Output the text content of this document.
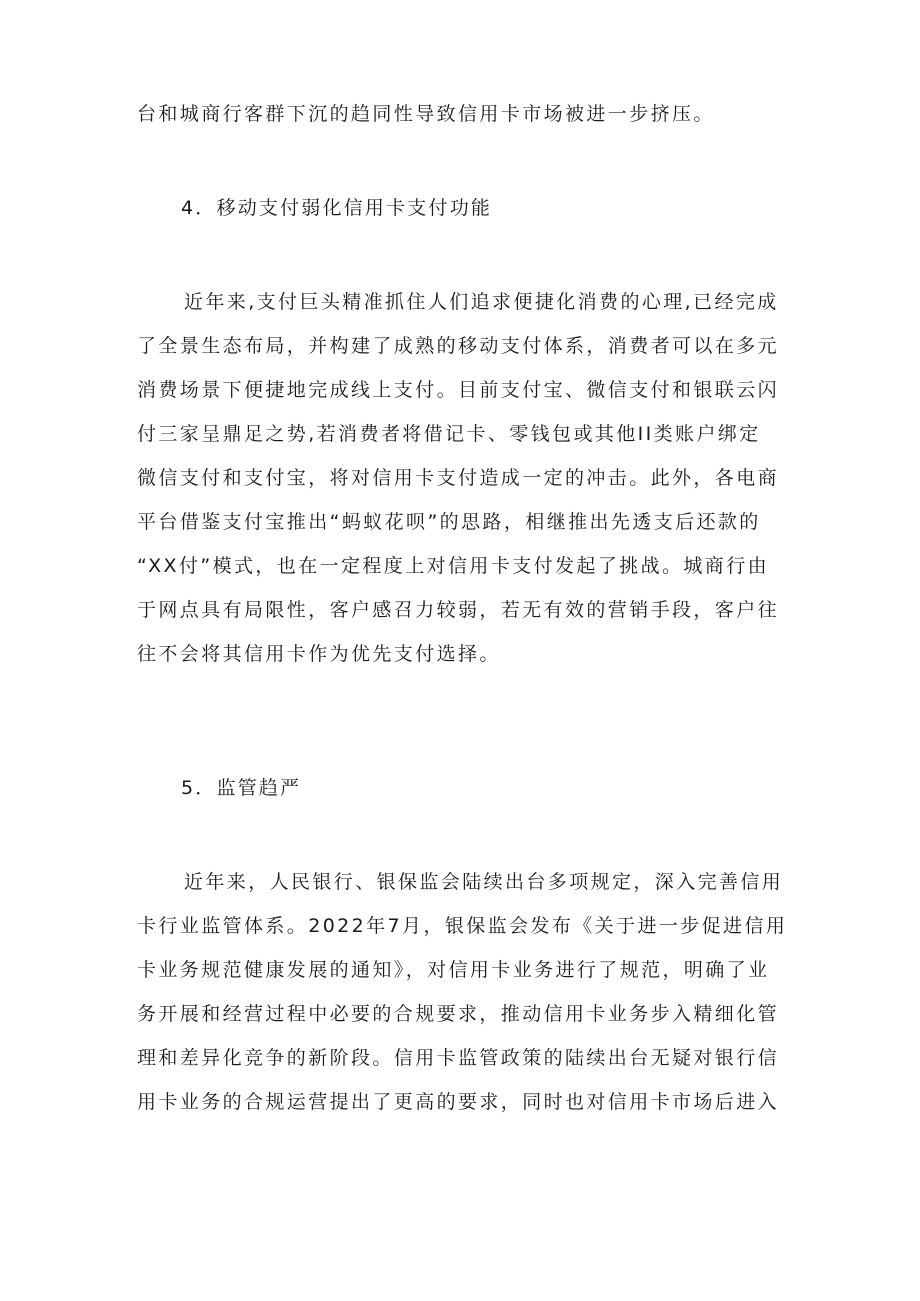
台和城商行客群下沉的趋同性导致信用卡市场被进一步挤压。

4．移动支付弱化信用卡支付功能

近年来,支付巨头精准抓住人们追求便捷化消费的心理,已经完成

了全景生态布局，并构建了成熟的移动支付体系，消费者可以在多元

消费场景下便捷地完成线上支付。目前支付宝、微信支付和银联云闪

付三家呈鼎足之势,若消费者将借记卡、零钱包或其他II类账户绑定

微信支付和支付宝，将对信用卡支付造成一定的冲击。此外，各电商

平台借鉴支付宝推出“蚂蚁花呗”的思路，相继推出先透支后还款的

“XX付”模式，也在一定程度上对信用卡支付发起了挑战。城商行由

于网点具有局限性，客户感召力较弱，若无有效的营销手段，客户往

往不会将其信用卡作为优先支付选择。

5．监管趋严

近年来，人民银行、银保监会陆续出台多项规定，深入完善信用

卡行业监管体系。2022年7月，银保监会发布《关于进一步促进信用

卡业务规范健康发展的通知》，对信用卡业务进行了规范，明确了业

务开展和经营过程中必要的合规要求，推动信用卡业务步入精细化管

理和差异化竞争的新阶段。信用卡监管政策的陆续出台无疑对银行信

用卡业务的合规运营提出了更高的要求，同时也对信用卡市场后进入
